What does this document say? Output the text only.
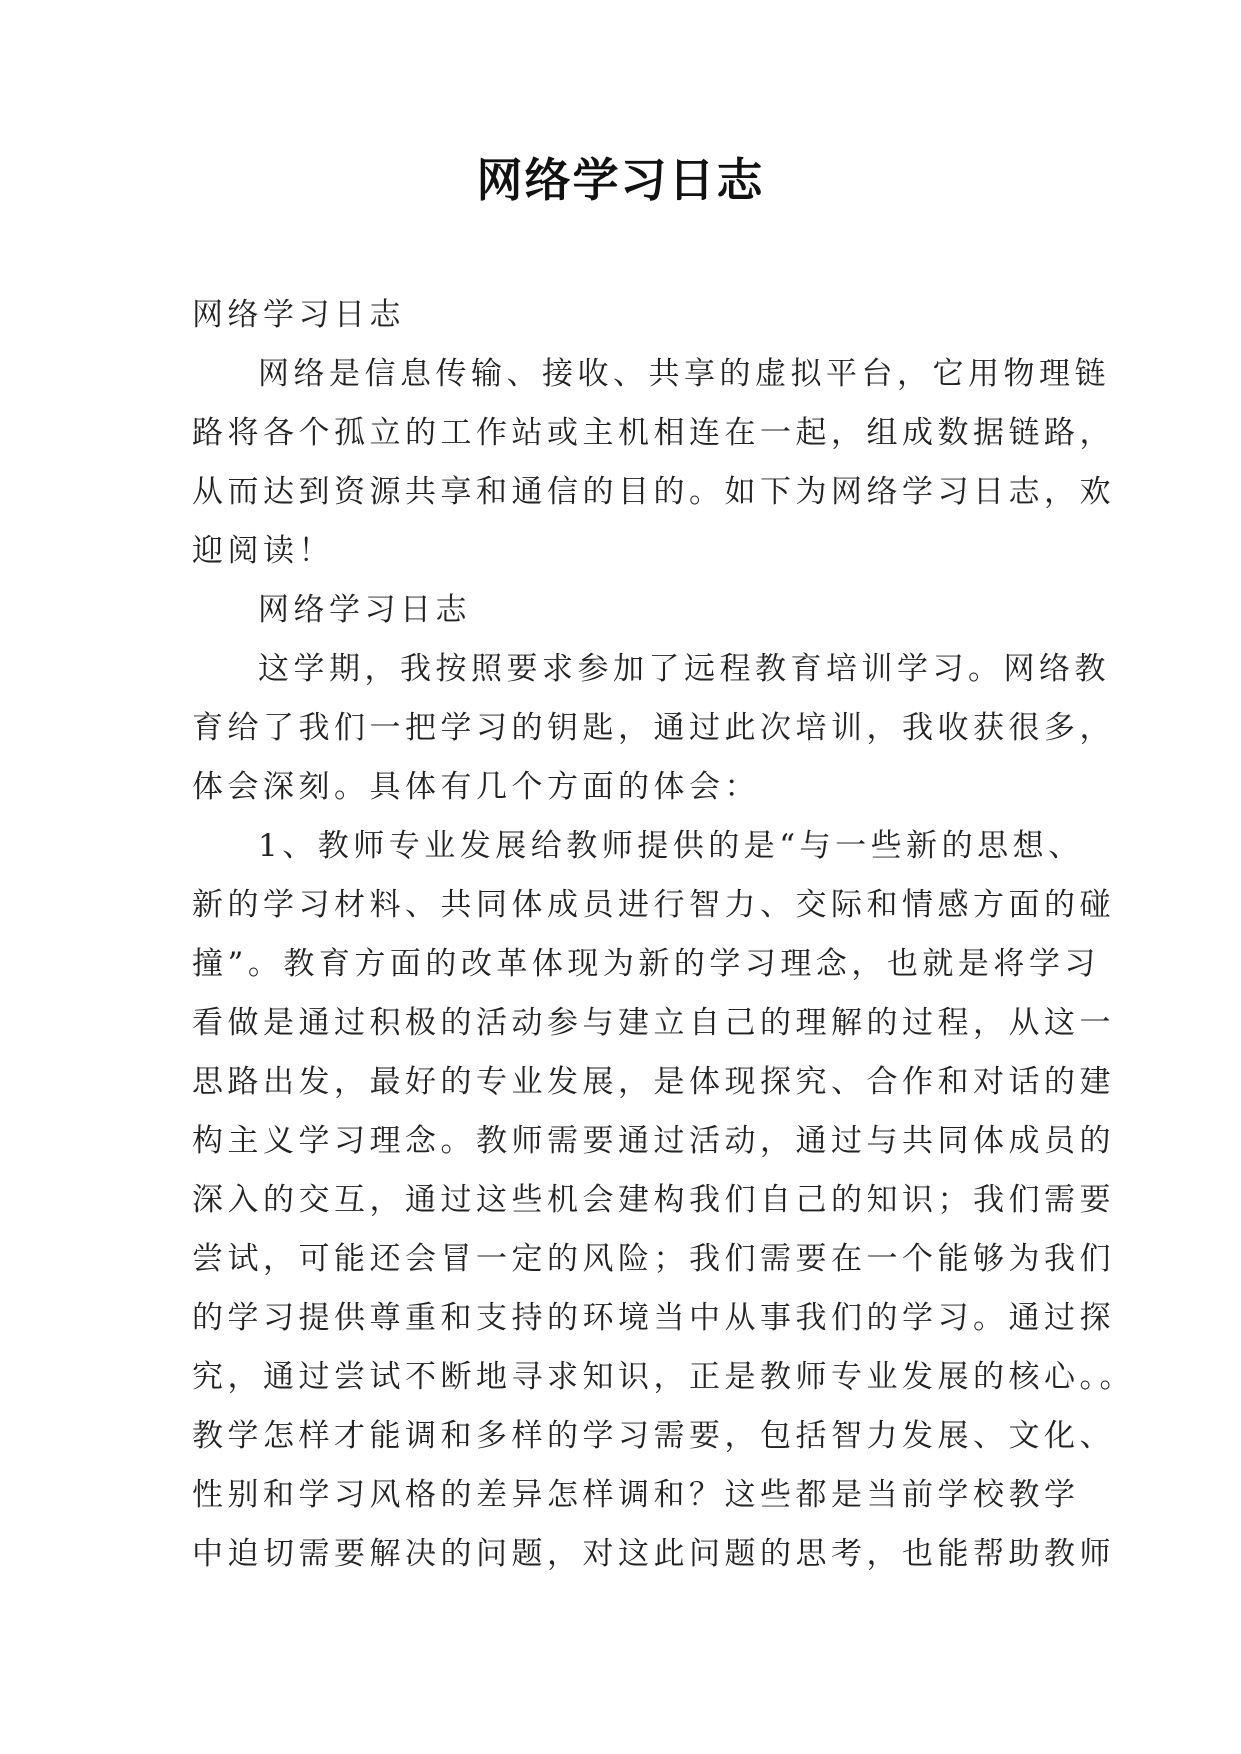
网络学习日志
网络学习日志
网络是信息传输、接收、共享的虚拟平台，它用物理链
路将各个孤立的工作站或主机相连在一起，组成数据链路，
从而达到资源共享和通信的目的。如下为网络学习日志，欢
迎阅读！
网络学习日志
这学期，我按照要求参加了远程教育培训学习。网络教
育给了我们一把学习的钥匙，通过此次培训，我收获很多，
体会深刻。具体有几个方面的体会：
1、教师专业发展给教师提供的是“与一些新的思想、
新的学习材料、共同体成员进行智力、交际和情感方面的碰
撞”。教育方面的改革体现为新的学习理念，也就是将学习
看做是通过积极的活动参与建立自己的理解的过程，从这一
思路出发，最好的专业发展，是体现探究、合作和对话的建
构主义学习理念。教师需要通过活动，通过与共同体成员的
深入的交互，通过这些机会建构我们自己的知识；我们需要
尝试，可能还会冒一定的风险；我们需要在一个能够为我们
的学习提供尊重和支持的环境当中从事我们的学习。通过探
究，通过尝试不断地寻求知识，正是教师专业发展的核心。。
教学怎样才能调和多样的学习需要，包括智力发展、文化、
性别和学习风格的差异怎样调和？这些都是当前学校教学
中迫切需要解决的问题，对这此问题的思考，也能帮助教师
